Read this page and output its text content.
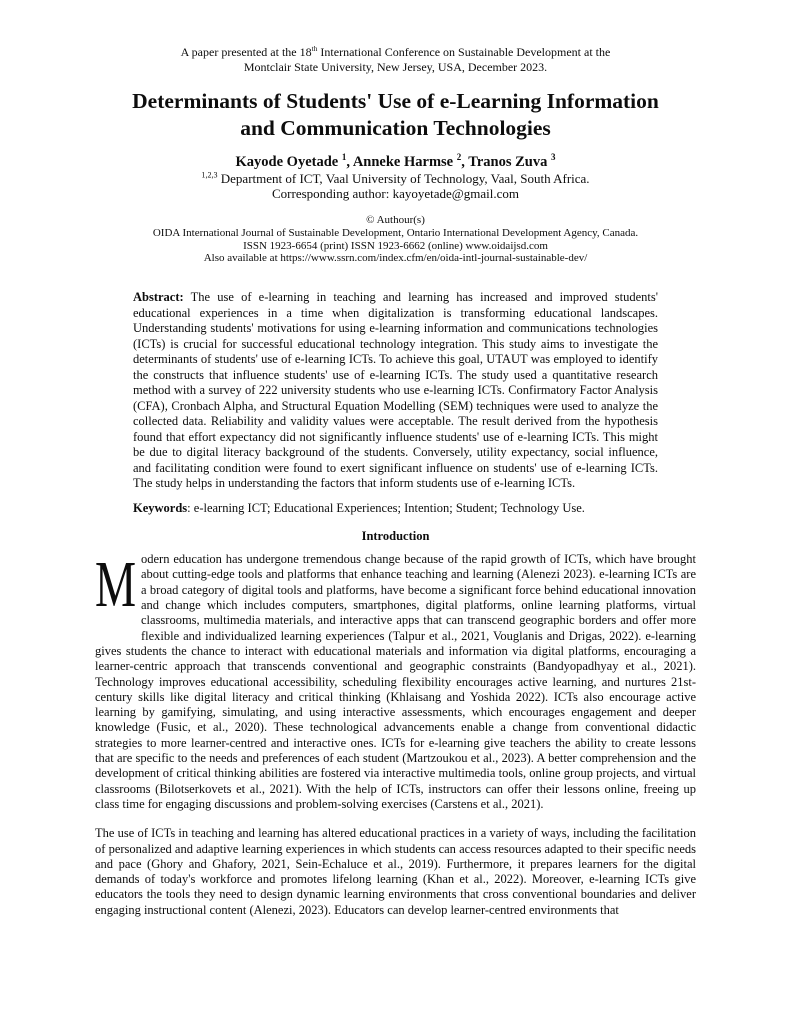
A paper presented at the 18th International Conference on Sustainable Development at the
Montclair State University, New Jersey, USA, December 2023.
Determinants of Students' Use of e-Learning Information
and Communication Technologies
Kayode Oyetade $^1$, Anneke Harmse $^2$, Tranos Zuva $^3$
$^{1,2,3}$ Department of ICT, Vaal University of Technology, Vaal, South Africa.
Corresponding author: kayoyetade@gmail.com
© Authour(s)
OIDA International Journal of Sustainable Development, Ontario International Development Agency, Canada.
ISSN 1923-6654 (print) ISSN 1923-6662 (online) www.oidaijsd.com
Also available at https://www.ssrn.com/index.cfm/en/oida-intl-journal-sustainable-dev/

Abstract: The use of e-learning in teaching and learning has increased and improved students' educational experiences in a time when digitalization is transforming educational landscapes. Understanding students' motivations for using e-learning information and communications technologies (ICTs) is crucial for successful educational technology integration. This study aims to investigate the determinants of students' use of e-learning ICTs. To achieve this goal, UTAUT was employed to identify the constructs that influence students' use of e-learning ICTs. The study used a quantitative research method with a survey of 222 university students who use e-learning ICTs. Confirmatory Factor Analysis (CFA), Cronbach Alpha, and Structural Equation Modelling (SEM) techniques were used to analyze the collected data. Reliability and validity values were acceptable. The result derived from the hypothesis found that effort expectancy did not significantly influence students' use of e-learning ICTs. This might be due to digital literacy background of the students. Conversely, utility expectancy, social influence, and facilitating condition were found to exert significant influence on students' use of e-learning ICTs. The study helps in understanding the factors that inform students use of e-learning ICTs.

Keywords: e-learning ICT; Educational Experiences; Intention; Student; Technology Use.

Introduction

Modern education has undergone tremendous change because of the rapid growth of ICTs, which have brought about cutting-edge tools and platforms that enhance teaching and learning (Alenezi 2023). e-learning ICTs are a broad category of digital tools and platforms, have become a significant force behind educational innovation and change which includes computers, smartphones, digital platforms, online learning platforms, virtual classrooms, multimedia materials, and interactive apps that can transcend geographic borders and offer more flexible and individualized learning experiences (Talpur et al., 2021, Vouglanis and Drigas, 2022). e-learning gives students the chance to interact with educational materials and information via digital platforms, encouraging a learner-centric approach that transcends conventional and geographic constraints (Bandyopadhyay et al., 2021). Technology improves educational accessibility, scheduling flexibility encourages active learning, and nurtures 21st-century skills like digital literacy and critical thinking (Khlaisang and Yoshida 2022). ICTs also encourage active learning by gamifying, simulating, and using interactive assessments, which encourages engagement and deeper knowledge (Fusic, et al., 2020). These technological advancements enable a change from conventional didactic strategies to more learner-centred and interactive ones. ICTs for e-learning give teachers the ability to create lessons that are specific to the needs and preferences of each student (Martzoukou et al., 2023). A better comprehension and the development of critical thinking abilities are fostered via interactive multimedia tools, online group projects, and virtual classrooms (Bilotserkovets et al., 2021). With the help of ICTs, instructors can offer their lessons online, freeing up class time for engaging discussions and problem-solving exercises (Carstens et al., 2021).

The use of ICTs in teaching and learning has altered educational practices in a variety of ways, including the facilitation of personalized and adaptive learning experiences in which students can access resources adapted to their specific needs and pace (Ghory and Ghafory, 2021, Sein-Echaluce et al., 2019). Furthermore, it prepares learners for the digital demands of today's workforce and promotes lifelong learning (Khan et al., 2022). Moreover, e-learning ICTs give educators the tools they need to design dynamic learning environments that cross conventional boundaries and deliver engaging instructional content (Alenezi, 2023). Educators can develop learner-centred environments that
